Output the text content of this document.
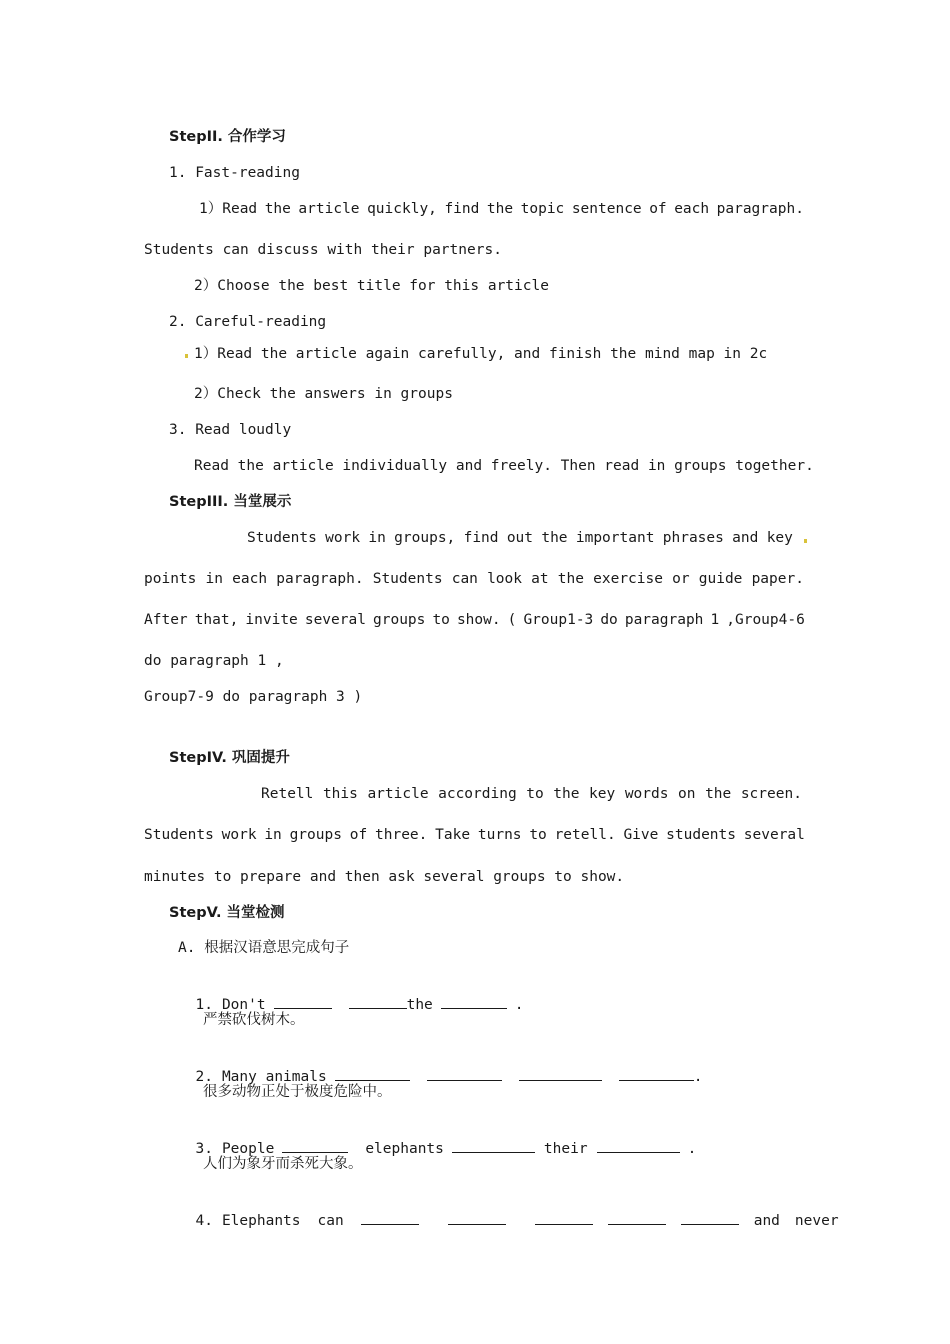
StepII. 合作学习
1. Fast-reading
1）Read the article quickly, find the topic sentence of each paragraph.
Students can discuss with their partners.
2）Choose the best title for this article
2. Careful-reading
1）Read the article again carefully, and finish the mind map in 2c
2）Check the answers in groups
3. Read loudly
Read the article individually and freely. Then read in groups together.
StepIII. 当堂展示
Students work in groups, find out the important phrases and key
points in each paragraph. Students can look at the exercise or guide paper.
After that, invite several groups to show. ( Group1-3 do paragraph 1 ,Group4-6
do paragraph 1 ,
Group7-9 do paragraph 3 )
StepIV. 巩固提升
Retell this article according to the key words on the screen.
Students work in groups of three. Take turns to retell. Give students several
minutes to prepare and then ask several groups to show.
StepV. 当堂检测
A. 根据汉语意思完成句子

1. Don't	the	.

严禁砍伐树木。

2. Many animals	.

很多动物正处于极度危险中。

3. People	elephants	their	.

人们为象牙而杀死大象。

4. Elephants can	and never
